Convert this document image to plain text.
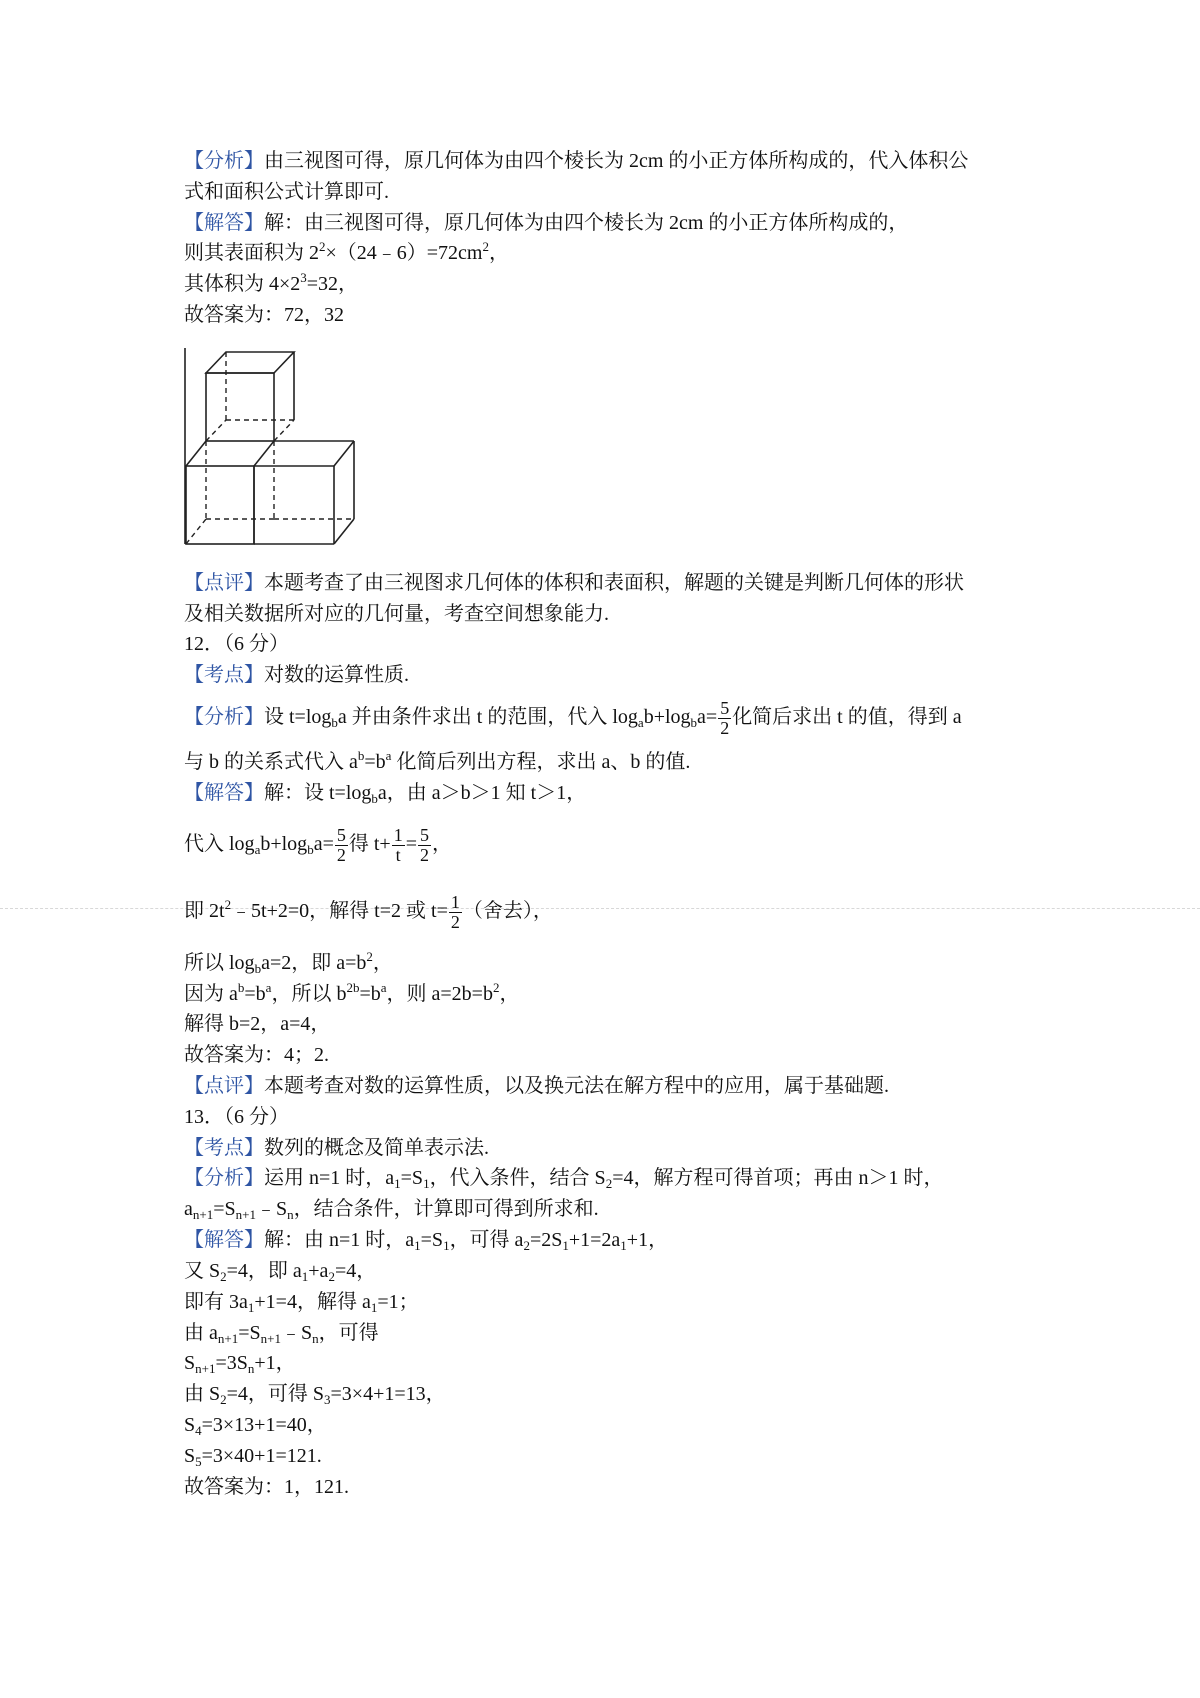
【分析】由三视图可得，原几何体为由四个棱长为 2cm 的小正方体所构成的，代入体积公
式和面积公式计算即可.
【解答】解：由三视图可得，原几何体为由四个棱长为 2cm 的小正方体所构成的，
则其表面积为 $2^2\times(24﹣6)=72cm^2$，
其体积为 $4\times 2^3=32$，
故答案为：72，32
【点评】本题考查了由三视图求几何体的体积和表面积，解题的关键是判断几何体的形状
及相关数据所对应的几何量，考查空间想象能力.
12．（6 分）
【考点】对数的运算性质.
【分析】设 $t=\log_ba$ 并由条件求出 t 的范围，代入 $\log_ab+\log_ba= \frac{5}{2}$ 化简后求出 t 的值，得到 a
与 b 的关系式代入 $a^b=b^a$ 化简后列出方程，求出 a、b 的值.
【解答】解：设 $t=\log_ba$，由 a＞b＞1 知 t＞1，
代入 $\log_ab+\log_ba= \frac{5}{2}$ 得 $t+ \frac{1}{t} = \frac{5}{2}$ ，
即 $2t^2﹣5t+2=0$，解得 t=2 或 $t= \frac{1}{2}$ （舍去），
所以 $\log_ba=2$，即 $a=b^2$，
因为 $a^b=b^a$，所以 $b^{2b}=b^a$，则 $a=2b=b^2$，
解得 b=2，a=4，
故答案为：4；2.
【点评】本题考查对数的运算性质，以及换元法在解方程中的应用，属于基础题.
13．（6 分）
【考点】数列的概念及简单表示法.
【分析】运用 n=1 时，$a_1=S_1$，代入条件，结合 $S_2=4$，解方程可得首项；再由 n＞1 时，
$a_{n+1}=S_{n+1}﹣S_n$，结合条件，计算即可得到所求和.
【解答】解：由 n=1 时，$a_1=S_1$，可得 $a_2=2S_1+1=2a_1+1$，
又 $S_2=4$，即 $a_1+a_2=4$，
即有 $3a_1+1=4$，解得 $a_1=1$；
由 $a_{n+1}=S_{n+1}﹣S_n$，可得
$S_{n+1}=3S_n+1$，
由 $S_2=4$，可得 $S_3=3\times 4+1=13$，
$S_4=3\times 13+1=40$，
$S_5=3\times 40+1=121$.
故答案为：1，121.
